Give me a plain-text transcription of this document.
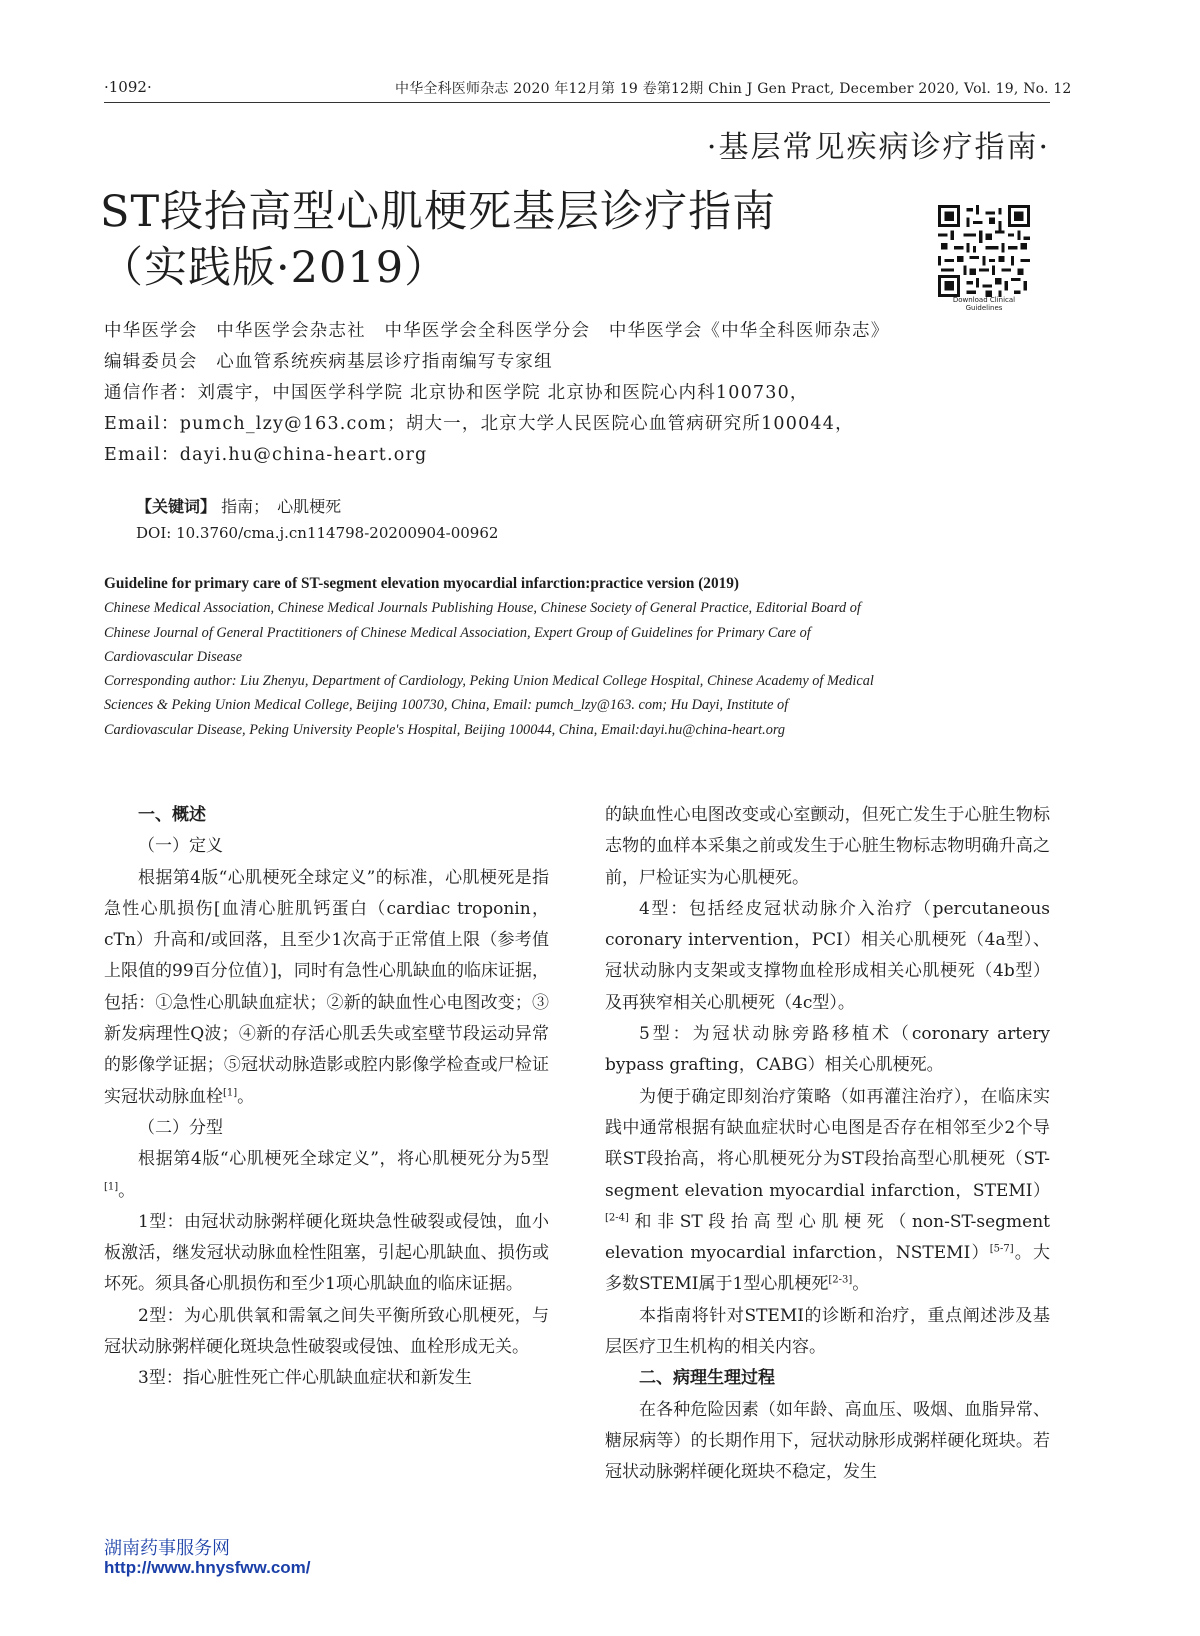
·1092·	中华全科医师杂志 2020 年12月第 19 卷第12期 Chin J Gen Pract, December 2020, Vol. 19, No. 12
·基层常见疾病诊疗指南·
ST段抬高型心肌梗死基层诊疗指南
（实践版·2019）
Download Clinical Guidelines
中华医学会　中华医学会杂志社　中华医学会全科医学分会　中华医学会《中华全科医师杂志》编辑委员会　心血管系统疾病基层诊疗指南编写专家组
通信作者：刘震宇，中国医学科学院 北京协和医学院 北京协和医院心内科100730，Email：pumch_lzy@163.com；胡大一，北京大学人民医院心血管病研究所100044，Email：dayi.hu@china-heart.org
【关键词】 指南；　心肌梗死
DOI: 10.3760/cma.j.cn114798-20200904-00962
Guideline for primary care of ST-segment elevation myocardial infarction:practice version (2019)

Chinese Medical Association, Chinese Medical Journals Publishing House, Chinese Society of General Practice, Editorial Board of Chinese Journal of General Practitioners of Chinese Medical Association, Expert Group of Guidelines for Primary Care of Cardiovascular Disease

Corresponding author: Liu Zhenyu, Department of Cardiology, Peking Union Medical College Hospital, Chinese Academy of Medical Sciences & Peking Union Medical College, Beijing 100730, China, Email: pumch_lzy@163. com; Hu Dayi, Institute of Cardiovascular Disease, Peking University People's Hospital, Beijing 100044, China, Email:dayi.hu@china-heart.org

一、概述
（一）定义

根据第4版“心肌梗死全球定义”的标准，心肌梗死是指急性心肌损伤[血清心脏肌钙蛋白（cardiac troponin，cTn）升高和/或回落，且至少1次高于正常值上限（参考值上限值的99百分位值）]，同时有急性心肌缺血的临床证据，包括：①急性心肌缺血症状；②新的缺血性心电图改变；③新发病理性Q波；④新的存活心肌丢失或室壁节段运动异常的影像学证据；⑤冠状动脉造影或腔内影像学检查或尸检证实冠状动脉血栓[1]。

（二）分型

根据第4版“心肌梗死全球定义”，将心肌梗死分为5型[1]。

1型：由冠状动脉粥样硬化斑块急性破裂或侵蚀，血小板激活，继发冠状动脉血栓性阻塞，引起心肌缺血、损伤或坏死。须具备心肌损伤和至少1项心肌缺血的临床证据。

2型：为心肌供氧和需氧之间失平衡所致心肌梗死，与冠状动脉粥样硬化斑块急性破裂或侵蚀、血栓形成无关。

3型：指心脏性死亡伴心肌缺血症状和新发生

的缺血性心电图改变或心室颤动，但死亡发生于心脏生物标志物的血样本采集之前或发生于心脏生物标志物明确升高之前，尸检证实为心肌梗死。

4型：包括经皮冠状动脉介入治疗（percutaneous coronary intervention，PCI）相关心肌梗死（4a型）、冠状动脉内支架或支撑物血栓形成相关心肌梗死（4b型）及再狭窄相关心肌梗死（4c型）。

5型：为冠状动脉旁路移植术（coronary artery bypass grafting，CABG）相关心肌梗死。

为便于确定即刻治疗策略（如再灌注治疗），在临床实践中通常根据有缺血症状时心电图是否存在相邻至少2个导联ST段抬高，将心肌梗死分为ST段抬高型心肌梗死（ST-segment elevation myocardial infarction，STEMI）[2-4]和非ST段抬高型心肌梗死（non-ST-segment elevation myocardial infarction，NSTEMI）[5-7]。大多数STEMI属于1型心肌梗死[2-3]。

本指南将针对STEMI的诊断和治疗，重点阐述涉及基层医疗卫生机构的相关内容。

二、病理生理过程

在各种危险因素（如年龄、高血压、吸烟、血脂异常、糖尿病等）的长期作用下，冠状动脉形成粥样硬化斑块。若冠状动脉粥样硬化斑块不稳定，发生

湖南药事服务网
http://www.hnysfww.com/
